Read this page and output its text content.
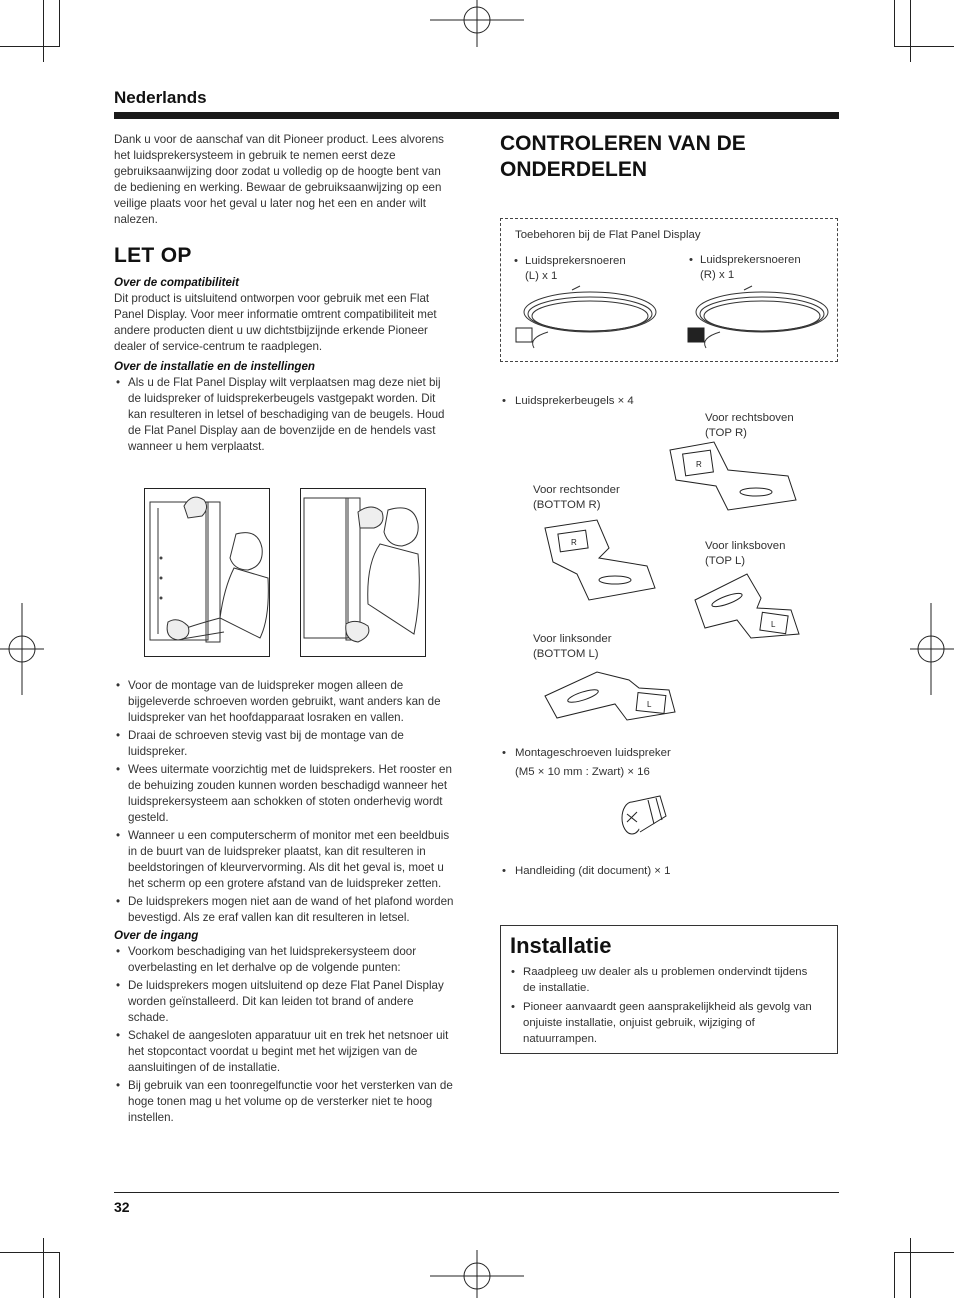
Nederlands
Dank u voor de aanschaf van dit Pioneer product. Lees alvorens het luidsprekersysteem in gebruik te nemen eerst deze gebruiksaanwijzing door zodat u volledig op de hoogte bent van de bediening en werking. Bewaar de gebruiksaanwijzing op een veilige plaats voor het geval u later nog het een en ander wilt nalezen.
LET OP
Over de compatibiliteit
Dit product is uitsluitend ontworpen voor gebruik met een Flat Panel Display. Voor meer informatie omtrent compatibiliteit met andere producten dient u uw dichtstbijzijnde erkende Pioneer dealer of service-centrum te raadplegen.
Over de installatie en de instellingen
• Als u de Flat Panel Display wilt verplaatsen mag deze niet bij de luidspreker of luidsprekerbeugels vastgepakt worden. Dit kan resulteren in letsel of beschadiging van de beugels. Houd de Flat Panel Display aan de bovenzijde en de hendels vast wanneer u hem verplaatst.
• Voor de montage van de luidspreker mogen alleen de bijgeleverde schroeven worden gebruikt, want anders kan de luidspreker van het hoofdapparaat losraken en vallen.
• Draai de schroeven stevig vast bij de montage van de luidspreker.
• Wees uitermate voorzichtig met de luidsprekers. Het rooster en de behuizing zouden kunnen worden beschadigd wanneer het luidsprekersysteem aan schokken of stoten onderhevig wordt gesteld.
• Wanneer u een computerscherm of monitor met een beeldbuis in de buurt van de luidspreker plaatst, kan dit resulteren in beeldstoringen of kleurvervorming. Als dit het geval is, moet u het scherm op een grotere afstand van de luidspreker zetten.
• De luidsprekers mogen niet aan de wand of het plafond worden bevestigd. Als ze eraf vallen kan dit resulteren in letsel.
Over de ingang
• Voorkom beschadiging van het luidsprekersysteem door overbelasting en let derhalve op de volgende punten:
• De luidsprekers mogen uitsluitend op deze Flat Panel Display worden geïnstalleerd. Dit kan leiden tot brand of andere schade.
• Schakel de aangesloten apparatuur uit en trek het netsnoer uit het stopcontact voordat u begint met het wijzigen van de aansluitingen of de installatie.
• Bij gebruik van een toonregelfunctie voor het versterken van de hoge tonen mag u het volume op de versterker niet te hoog instellen.
CONTROLEREN VAN DE
ONDERDELEN
Toebehoren bij de Flat Panel Display
• Luidsprekersnoeren
(L) x 1
• Luidsprekersnoeren
(R) x 1
• Luidsprekerbeugels × 4
Voor rechtsboven
(TOP R)
R
Voor rechtsonder
(BOTTOM R)
R	Voor linksboven
(TOP L)
L
Voor linksonder
(BOTTOM L)
L
• Montageschroeven luidspreker
(M5 × 10 mm : Zwart) × 16
• Handleiding (dit document) × 1
Installatie
• Raadpleeg uw dealer als u problemen ondervindt tijdens de installatie.
• Pioneer aanvaardt geen aansprakelijkheid als gevolg van onjuiste installatie, onjuist gebruik, wijziging of natuurrampen.
32
